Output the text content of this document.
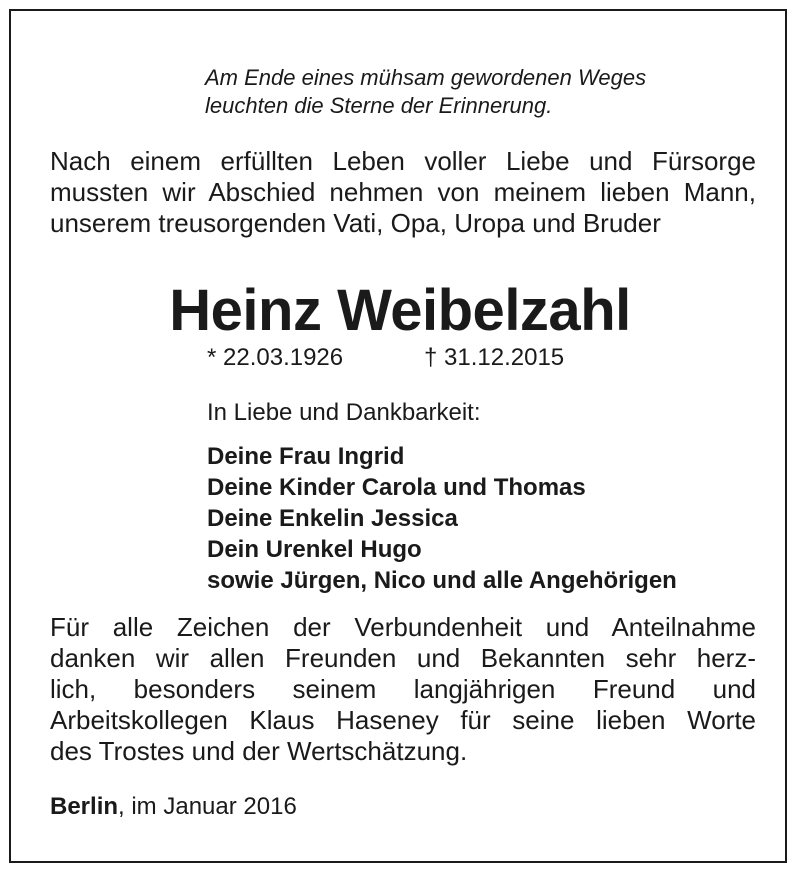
Am Ende eines mühsam gewordenen Weges
leuchten die Sterne der Erinnerung.
Nach einem erfüllten Leben voller Liebe und Fürsorge mussten wir Abschied nehmen von meinem lieben Mann, unserem treusorgenden Vati, Opa, Uropa und Bruder
Heinz Weibelzahl
* 22.03.1926	† 31.12.2015
In Liebe und Dankbarkeit:
Deine Frau Ingrid
Deine Kinder Carola und Thomas
Deine Enkelin Jessica
Dein Urenkel Hugo
sowie Jürgen, Nico und alle Angehörigen
Für alle Zeichen der Verbundenheit und Anteilnahme
danken wir allen Freunden und Bekannten sehr herz-
lich, besonders seinem langjährigen Freund und
Arbeitskollegen Klaus Haseney für seine lieben Worte
des Trostes und der Wertschätzung.
Berlin, im Januar 2016
